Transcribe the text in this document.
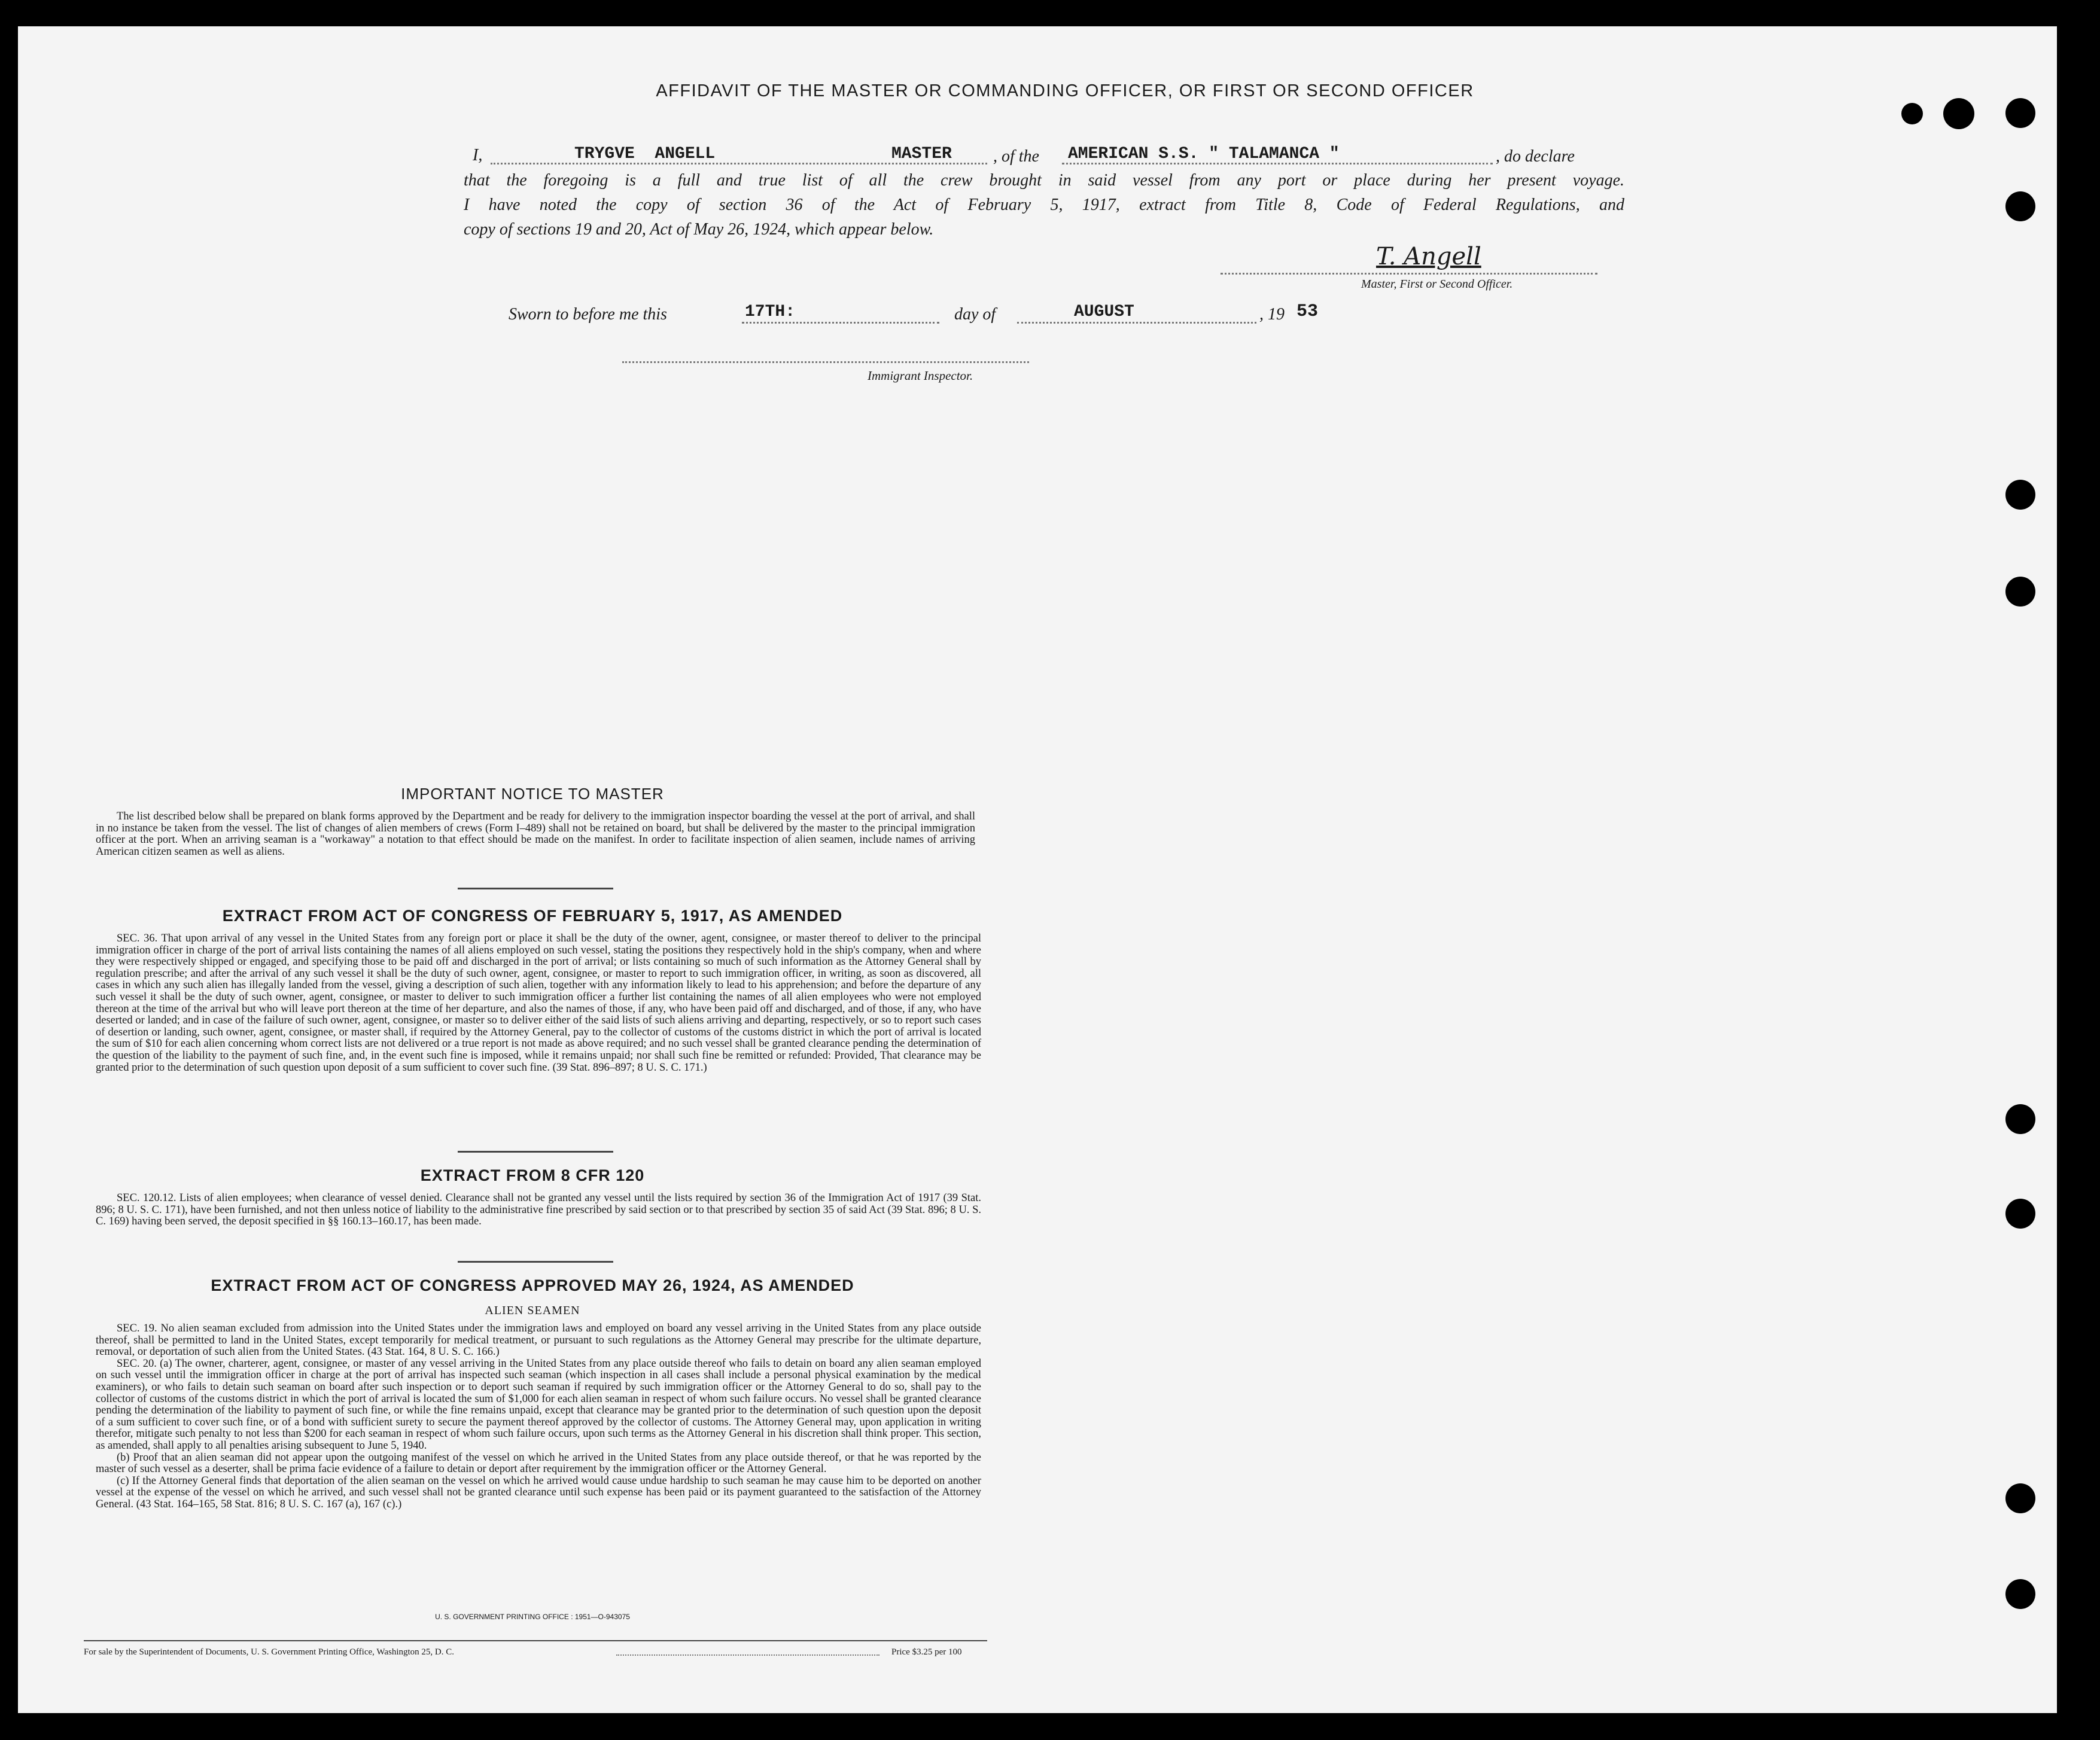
AFFIDAVIT OF THE MASTER OR COMMANDING OFFICER, OR FIRST OR SECOND OFFICER
I,	TRYGVE  ANGELL	MASTER , of the AMERICAN S.S. " TALAMANCA "	, do declare
that the foregoing is a full and true list of all the crew brought in said vessel from any port or place during her present voyage.
I have noted the copy of section 36 of the Act of February 5, 1917, extract from Title 8, Code of Federal Regulations, and
copy of sections 19 and 20, Act of May 26, 1924, which appear below.
T. Angell
Master, First or Second Officer.
Sworn to before me this	17TH:	day of	AUGUST	, 19 53
Immigrant Inspector.
IMPORTANT NOTICE TO MASTER

The list described below shall be prepared on blank forms approved by the Department and be ready for delivery to the immigration inspector boarding the vessel at the port of arrival, and shall in no instance be taken from the vessel. The list of changes of alien members of crews (Form I–489) shall not be retained on board, but shall be delivered by the master to the principal immigration officer at the port. When an arriving seaman is a "workaway" a notation to that effect should be made on the manifest. In order to facilitate inspection of alien seamen, include names of arriving American citizen seamen as well as aliens.

EXTRACT FROM ACT OF CONGRESS OF FEBRUARY 5, 1917, AS AMENDED

SEC. 36. That upon arrival of any vessel in the United States from any foreign port or place it shall be the duty of the owner, agent, consignee, or master thereof to deliver to the principal immigration officer in charge of the port of arrival lists containing the names of all aliens employed on such vessel, stating the positions they respectively hold in the ship's company, when and where they were respectively shipped or engaged, and specifying those to be paid off and discharged in the port of arrival; or lists containing so much of such information as the Attorney General shall by regulation prescribe; and after the arrival of any such vessel it shall be the duty of such owner, agent, consignee, or master to report to such immigration officer, in writing, as soon as discovered, all cases in which any such alien has illegally landed from the vessel, giving a description of such alien, together with any information likely to lead to his apprehension; and before the departure of any such vessel it shall be the duty of such owner, agent, consignee, or master to deliver to such immigration officer a further list containing the names of all alien employees who were not employed thereon at the time of the arrival but who will leave port thereon at the time of her departure, and also the names of those, if any, who have been paid off and discharged, and of those, if any, who have deserted or landed; and in case of the failure of such owner, agent, consignee, or master so to deliver either of the said lists of such aliens arriving and departing, respectively, or so to report such cases of desertion or landing, such owner, agent, consignee, or master shall, if required by the Attorney General, pay to the collector of customs of the customs district in which the port of arrival is located the sum of $10 for each alien concerning whom correct lists are not delivered or a true report is not made as above required; and no such vessel shall be granted clearance pending the determination of the question of the liability to the payment of such fine, and, in the event such fine is imposed, while it remains unpaid; nor shall such fine be remitted or refunded: Provided, That clearance may be granted prior to the determination of such question upon deposit of a sum sufficient to cover such fine. (39 Stat. 896–897; 8 U. S. C. 171.)

EXTRACT FROM 8 CFR 120

SEC. 120.12. Lists of alien employees; when clearance of vessel denied. Clearance shall not be granted any vessel until the lists required by section 36 of the Immigration Act of 1917 (39 Stat. 896; 8 U. S. C. 171), have been furnished, and not then unless notice of liability to the administrative fine prescribed by said section or to that prescribed by section 35 of said Act (39 Stat. 896; 8 U. S. C. 169) having been served, the deposit specified in §§ 160.13–160.17, has been made.

EXTRACT FROM ACT OF CONGRESS APPROVED MAY 26, 1924, AS AMENDED
ALIEN SEAMEN

SEC. 19. No alien seaman excluded from admission into the United States under the immigration laws and employed on board any vessel arriving in the United States from any place outside thereof, shall be permitted to land in the United States, except temporarily for medical treatment, or pursuant to such regulations as the Attorney General may prescribe for the ultimate departure, removal, or deportation of such alien from the United States. (43 Stat. 164, 8 U. S. C. 166.)

SEC. 20. (a) The owner, charterer, agent, consignee, or master of any vessel arriving in the United States from any place outside thereof who fails to detain on board any alien seaman employed on such vessel until the immigration officer in charge at the port of arrival has inspected such seaman (which inspection in all cases shall include a personal physical examination by the medical examiners), or who fails to detain such seaman on board after such inspection or to deport such seaman if required by such immigration officer or the Attorney General to do so, shall pay to the collector of customs of the customs district in which the port of arrival is located the sum of $1,000 for each alien seaman in respect of whom such failure occurs. No vessel shall be granted clearance pending the determination of the liability to payment of such fine, or while the fine remains unpaid, except that clearance may be granted prior to the determination of such question upon the deposit of a sum sufficient to cover such fine, or of a bond with sufficient surety to secure the payment thereof approved by the collector of customs. The Attorney General may, upon application in writing therefor, mitigate such penalty to not less than $200 for each seaman in respect of whom such failure occurs, upon such terms as the Attorney General in his discretion shall think proper. This section, as amended, shall apply to all penalties arising subsequent to June 5, 1940.

(b) Proof that an alien seaman did not appear upon the outgoing manifest of the vessel on which he arrived in the United States from any place outside thereof, or that he was reported by the master of such vessel as a deserter, shall be prima facie evidence of a failure to detain or deport after requirement by the immigration officer or the Attorney General.

(c) If the Attorney General finds that deportation of the alien seaman on the vessel on which he arrived would cause undue hardship to such seaman he may cause him to be deported on another vessel at the expense of the vessel on which he arrived, and such vessel shall not be granted clearance until such expense has been paid or its payment guaranteed to the satisfaction of the Attorney General. (43 Stat. 164–165, 58 Stat. 816; 8 U. S. C. 167 (a), 167 (c).)

U. S. GOVERNMENT PRINTING OFFICE : 1951—O-943075
For sale by the Superintendent of Documents, U. S. Government Printing Office, Washington 25, D. C.	Price $3.25 per 100
